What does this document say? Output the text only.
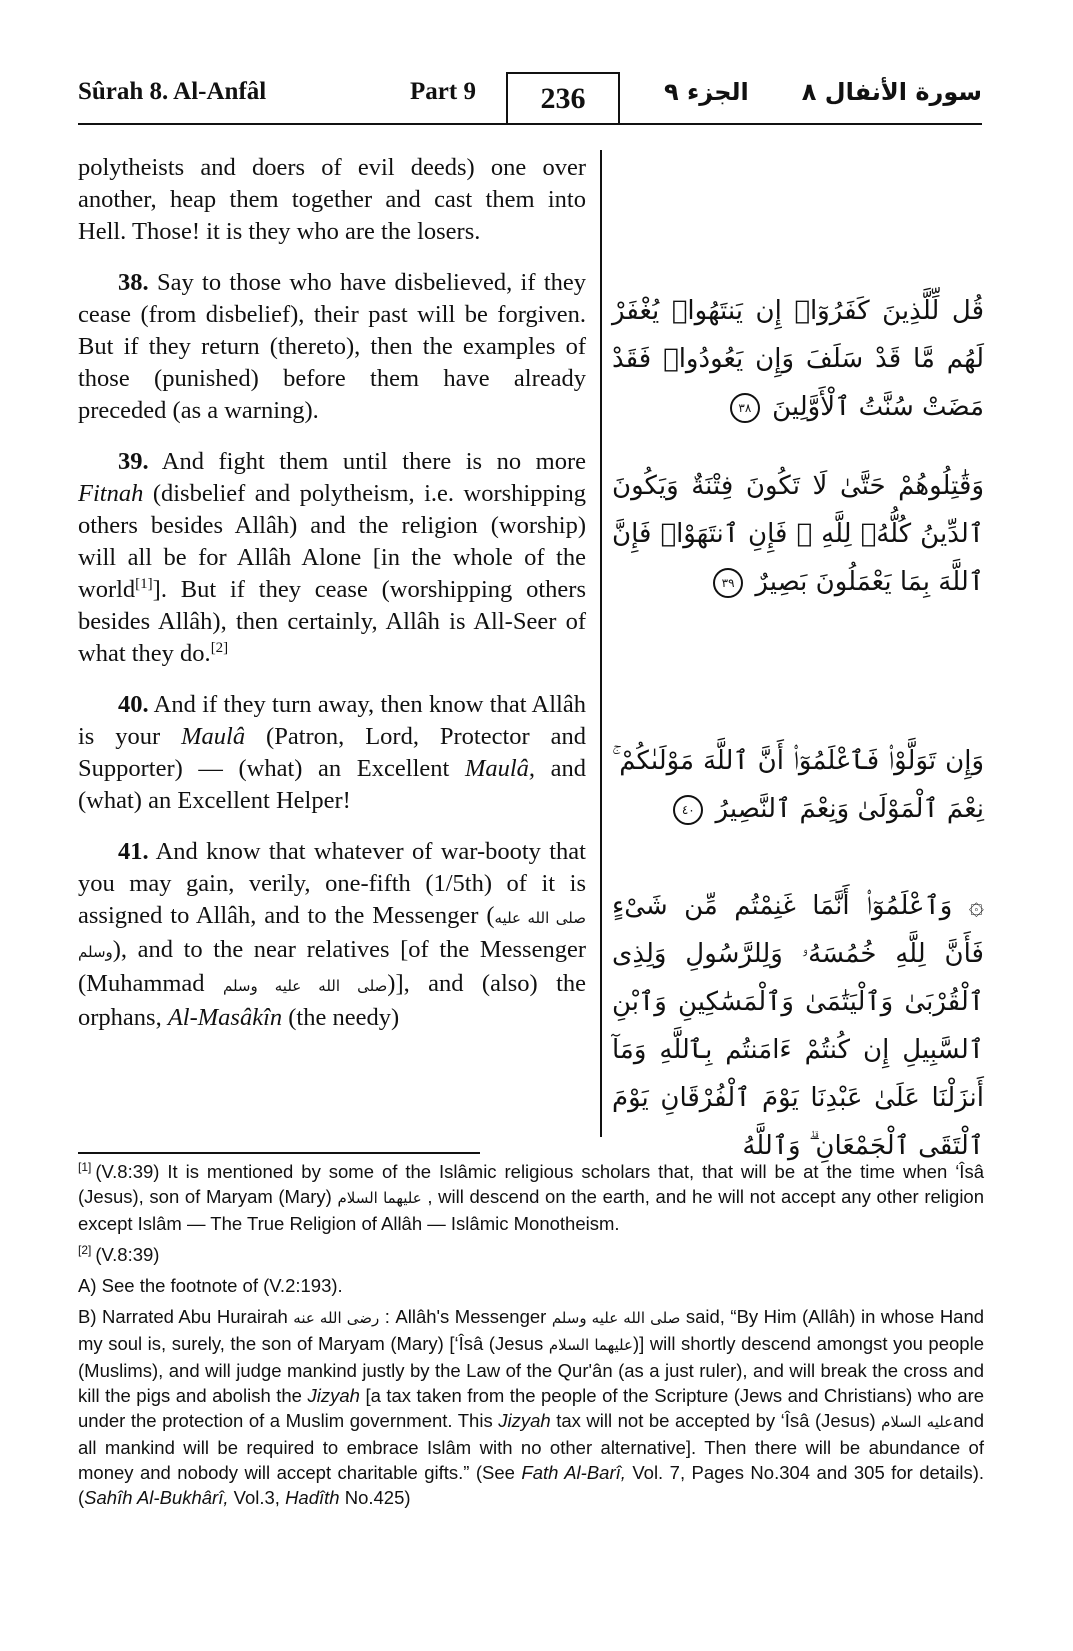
Sûrah 8. Al-Anfâl	Part 9	236	الجزء ٩ سورة الأنفال ٨

polytheists and doers of evil deeds) one over another, heap them together and cast them into Hell. Those! it is they who are the losers.

38. Say to those who have disbelieved, if they cease (from disbelief), their past will be forgiven. But if they return (thereto), then the examples of those (punished) before them have already preceded (as a warning).

39. And fight them until there is no more Fitnah (disbelief and polytheism, i.e. worshipping others besides Allâh) and the religion (worship) will all be for Allâh Alone [in the whole of the world[1]]. But if they cease (worshipping others besides Allâh), then certainly, Allâh is All-Seer of what they do.[2]

40. And if they turn away, then know that Allâh is your Maulâ (Patron, Lord, Protector and Supporter) — (what) an Excellent Maulâ, and (what) an Excellent Helper!

41. And know that whatever of war-booty that you may gain, verily, one-fifth (1/5th) of it is assigned to Allâh, and to the Messenger (صلى الله عليه وسلم), and to the near relatives [of the Messenger (Muhammad صلى الله عليه وسلم)], and (also) the orphans, Al-Masâkîn (the needy)

قُل لِّلَّذِينَ كَفَرُوٓا۟ إِن يَنتَهُوا۟ يُغْفَرْ لَهُم مَّا قَدْ سَلَفَ وَإِن يَعُودُوا۟ فَقَدْ مَضَتْ سُنَّتُ ٱلْأَوَّلِينَ ٣٨
وَقَٰتِلُوهُمْ حَتَّىٰ لَا تَكُونَ فِتْنَةٌ وَيَكُونَ ٱلدِّينُ كُلُّهُۥ لِلَّهِ ۚ فَإِنِ ٱنتَهَوْا۟ فَإِنَّ ٱللَّهَ بِمَا يَعْمَلُونَ بَصِيرٌ ٣٩
وَإِن تَوَلَّوْا۟ فَٱعْلَمُوٓا۟ أَنَّ ٱللَّهَ مَوْلَىٰكُمْ ۚ نِعْمَ ٱلْمَوْلَىٰ وَنِعْمَ ٱلنَّصِيرُ ٤٠
۞ وَٱعْلَمُوٓا۟ أَنَّمَا غَنِمْتُم مِّن شَىْءٍ فَأَنَّ لِلَّهِ خُمُسَهُۥ وَلِلرَّسُولِ وَلِذِى ٱلْقُرْبَىٰ وَٱلْيَتَٰمَىٰ وَٱلْمَسَٰكِينِ وَٱبْنِ ٱلسَّبِيلِ إِن كُنتُمْ ءَامَنتُم بِٱللَّهِ وَمَآ أَنزَلْنَا عَلَىٰ عَبْدِنَا يَوْمَ ٱلْفُرْقَانِ يَوْمَ ٱلْتَقَى ٱلْجَمْعَانِ ۗ وَٱللَّهُ

[1] (V.8:39) It is mentioned by some of the Islâmic religious scholars that, that will be at the time when ‘Îsâ (Jesus), son of Maryam (Mary) عليهما السلام , will descend on the earth, and he will not accept any other religion except Islâm — The True Religion of Allâh — Islâmic Monotheism.

[2] (V.8:39)

A) See the footnote of (V.2:193).

B) Narrated Abu Hurairah رضى الله عنه : Allâh's Messenger صلى الله عليه وسلم said, “By Him (Allâh) in whose Hand my soul is, surely, the son of Maryam (Mary) [‘Îsâ (Jesus عليهما السلام)] will shortly descend amongst you people (Muslims), and will judge mankind justly by the Law of the Qur'ân (as a just ruler), and will break the cross and kill the pigs and abolish the Jizyah [a tax taken from the people of the Scripture (Jews and Christians) who are under the protection of a Muslim government. This Jizyah tax will not be accepted by ‘Îsâ (Jesus) عليه السلامand all mankind will be required to embrace Islâm with no other alternative]. Then there will be abundance of money and nobody will accept charitable gifts.” (See Fath Al-Barî, Vol. 7, Pages No.304 and 305 for details). (Sahîh Al-Bukhârî, Vol.3, Hadîth No.425)
